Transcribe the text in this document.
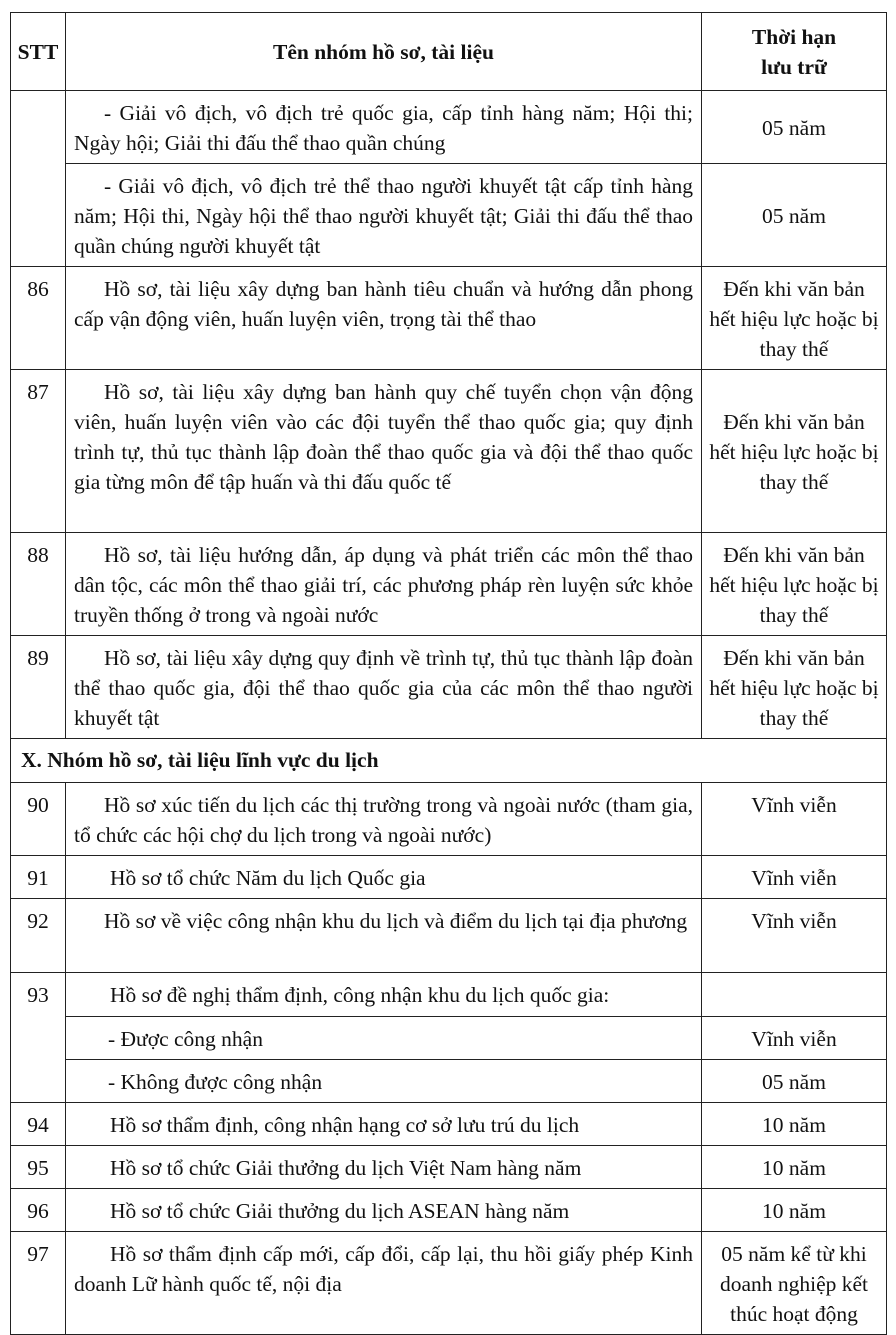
STT	Tên nhóm hồ sơ, tài liệu	Thời hạn
lưu trữ
	- Giải vô địch, vô địch trẻ quốc gia, cấp tỉnh hàng năm; Hội thi; Ngày hội; Giải thi đấu thể thao quần chúng	05 năm
	- Giải vô địch, vô địch trẻ thể thao người khuyết tật cấp tỉnh hàng năm; Hội thi, Ngày hội thể thao người khuyết tật; Giải thi đấu thể thao quần chúng người khuyết tật	05 năm
86	Hồ sơ, tài liệu xây dựng ban hành tiêu chuẩn và hướng dẫn phong cấp vận động viên, huấn luyện viên, trọng tài thể thao	Đến khi văn bản hết hiệu lực hoặc bị thay thế
87	Hồ sơ, tài liệu xây dựng ban hành quy chế tuyển chọn vận động viên, huấn luyện viên vào các đội tuyển thể thao quốc gia; quy định trình tự, thủ tục thành lập đoàn thể thao quốc gia và đội thể thao quốc gia từng môn để tập huấn và thi đấu quốc tế	Đến khi văn bản hết hiệu lực hoặc bị thay thế
88	Hồ sơ, tài liệu hướng dẫn, áp dụng và phát triển các môn thể thao dân tộc, các môn thể thao giải trí, các phương pháp rèn luyện sức khỏe truyền thống ở trong và ngoài nước	Đến khi văn bản hết hiệu lực hoặc bị thay thế
89	Hồ sơ, tài liệu xây dựng quy định về trình tự, thủ tục thành lập đoàn thể thao quốc gia, đội thể thao quốc gia của các môn thể thao người khuyết tật	Đến khi văn bản hết hiệu lực hoặc bị thay thế
X. Nhóm hồ sơ, tài liệu lĩnh vực du lịch		
90	Hồ sơ xúc tiến du lịch các thị trường trong và ngoài nước (tham gia, tổ chức các hội chợ du lịch trong và ngoài nước)	Vĩnh viễn
91	Hồ sơ tổ chức Năm du lịch Quốc gia	Vĩnh viễn
92	Hồ sơ về việc công nhận khu du lịch và điểm du lịch tại địa phương	Vĩnh viễn
93	Hồ sơ đề nghị thẩm định, công nhận khu du lịch quốc gia:	
	- Được công nhận	Vĩnh viễn
	- Không được công nhận	05 năm
94	Hồ sơ thẩm định, công nhận hạng cơ sở lưu trú du lịch	10 năm
95	Hồ sơ tổ chức Giải thưởng du lịch Việt Nam hàng năm	10 năm
96	Hồ sơ tổ chức Giải thưởng du lịch ASEAN hàng năm	10 năm
97	Hồ sơ thẩm định cấp mới, cấp đổi, cấp lại, thu hồi giấy phép Kinh doanh Lữ hành quốc tế, nội địa	05 năm kể từ khi doanh nghiệp kết thúc hoạt động
